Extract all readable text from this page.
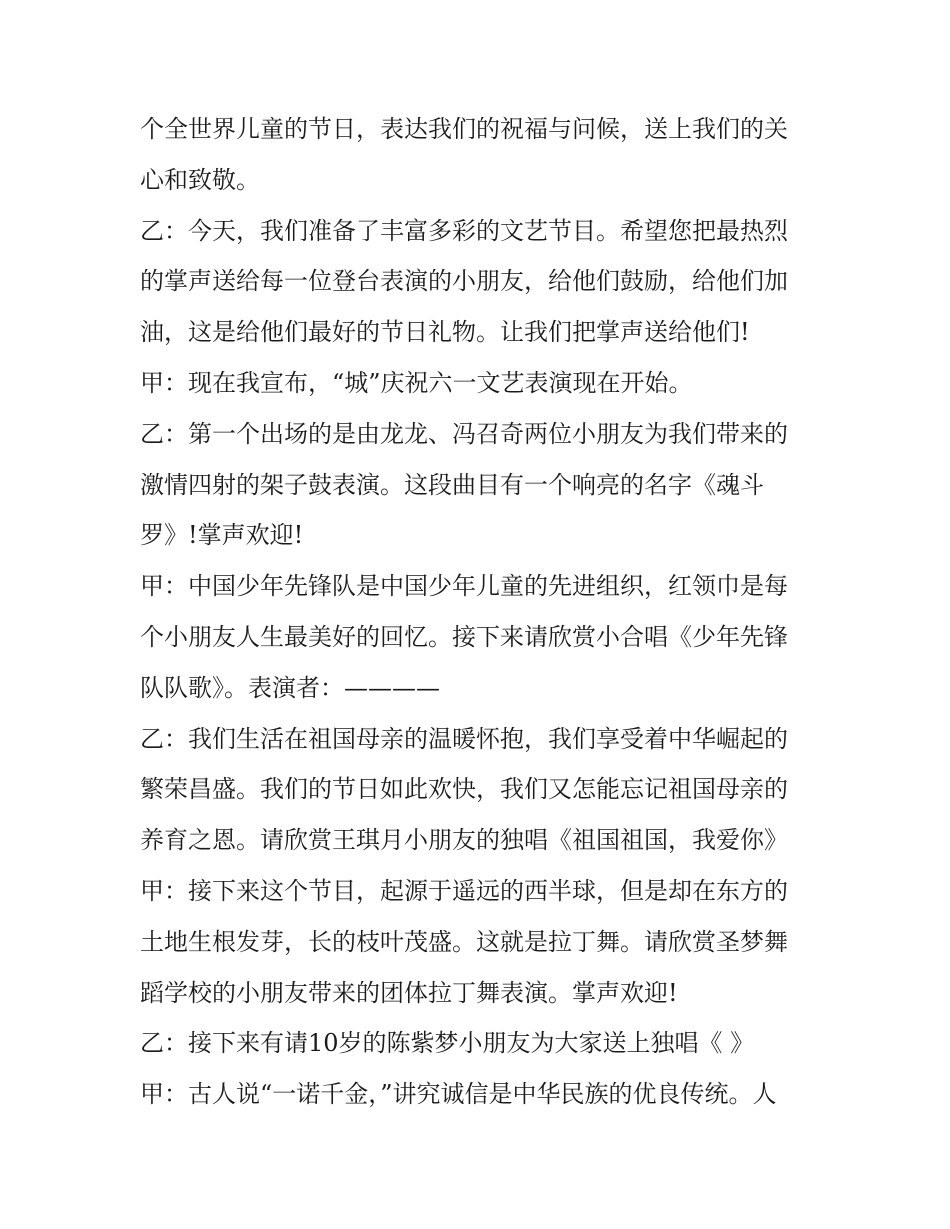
个全世界儿童的节日，表达我们的祝福与问候，送上我们的关
心和致敬。
乙：今天，我们准备了丰富多彩的文艺节目。希望您把最热烈
的掌声送给每一位登台表演的小朋友，给他们鼓励，给他们加
油，这是给他们最好的节日礼物。让我们把掌声送给他们!
甲：现在我宣布，“城”庆祝六一文艺表演现在开始。
乙：第一个出场的是由龙龙、冯召奇两位小朋友为我们带来的
激情四射的架子鼓表演。这段曲目有一个响亮的名字《魂斗
罗》!掌声欢迎!
甲：中国少年先锋队是中国少年儿童的先进组织，红领巾是每
个小朋友人生最美好的回忆。接下来请欣赏小合唱《少年先锋
队队歌》。表演者：————
乙：我们生活在祖国母亲的温暖怀抱，我们享受着中华崛起的
繁荣昌盛。我们的节日如此欢快，我们又怎能忘记祖国母亲的
养育之恩。请欣赏王琪月小朋友的独唱《祖国祖国，我爱你》
甲：接下来这个节目，起源于遥远的西半球，但是却在东方的
土地生根发芽，长的枝叶茂盛。这就是拉丁舞。请欣赏圣梦舞
蹈学校的小朋友带来的团体拉丁舞表演。掌声欢迎!
乙：接下来有请10岁的陈紫梦小朋友为大家送上独唱《 》
甲：古人说“一诺千金，”讲究诚信是中华民族的优良传统。人
